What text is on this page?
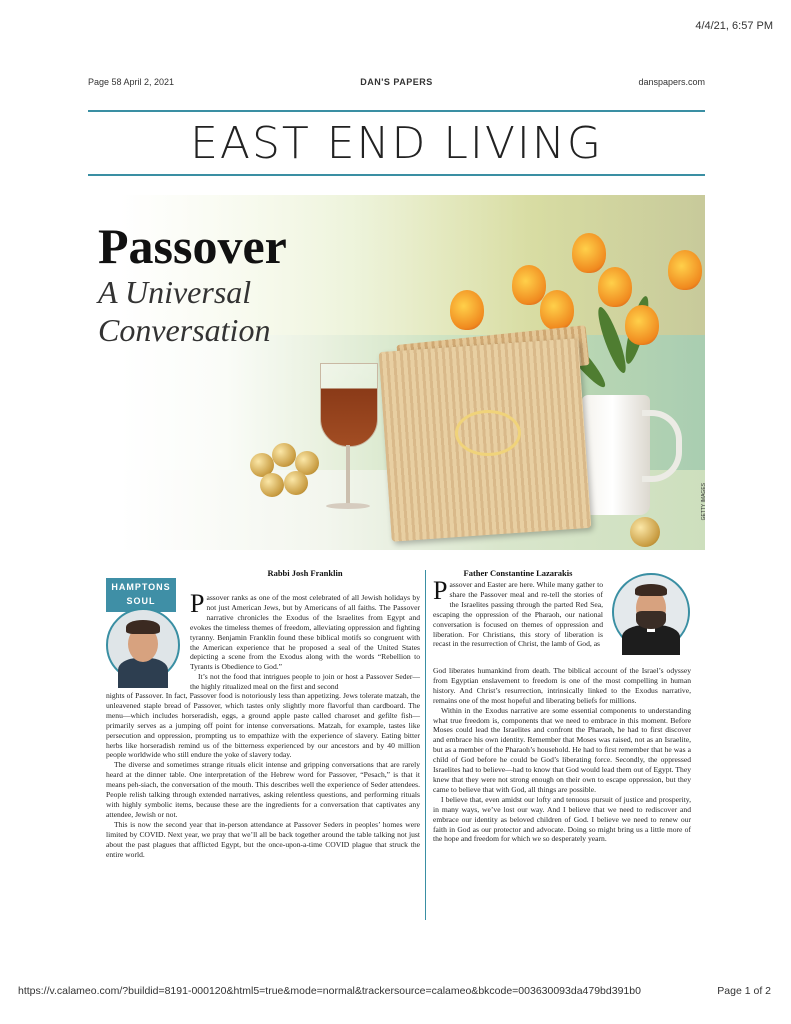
4/4/21, 6:57 PM
Page 58 April 2, 2021	DAN'S PAPERS	danspapers.com
EAST END LIVING
Passover
A Universal
Conversation
GETTY IMAGES
HAMPTONS
SOUL
Rabbi Josh Franklin

Passover ranks as one of the most celebrated of all Jewish holidays by not just American Jews, but by Americans of all faiths. The Passover narrative chronicles the Exodus of the Israelites from Egypt and evokes the timeless themes of freedom, alleviating oppression and fighting tyranny. Benjamin Franklin found these biblical motifs so congruent with the American experience that he proposed a seal of the United States depicting a scene from the Exodus along with the words “Rebellion to Tyrants is Obedience to God.”

It’s not the food that intrigues people to join or host a Passover Seder—the highly ritualized meal on the first and second

nights of Passover. In fact, Passover food is notoriously less than appetizing. Jews tolerate matzah, the unleavened staple bread of Passover, which tastes only slightly more flavorful than cardboard. The menu—which includes horseradish, eggs, a ground apple paste called charoset and gefilte fish—primarily serves as a jumping off point for intense conversations. Matzah, for example, tastes like persecution and oppression, prompting us to empathize with the experience of slavery. Eating bitter herbs like horseradish remind us of the bitterness experienced by our ancestors and by 40 million people worldwide who still endure the yoke of slavery today.

The diverse and sometimes strange rituals elicit intense and gripping conversations that are rarely heard at the dinner table. One interpretation of the Hebrew word for Passover, “Pesach,” is that it means peh-siach, the conversation of the mouth. This describes well the experience of Seder attendees. People relish talking through extended narratives, asking relentless questions, and performing rituals with highly symbolic items, because these are the ingredients for a conversation that captivates any attendee, Jewish or not.

This is now the second year that in-person attendance at Passover Seders in peoples’ homes were limited by COVID. Next year, we pray that we’ll all be back together around the table talking not just about the past plagues that afflicted Egypt, but the once-upon-a-time COVID plague that struck the entire world.

Father Constantine Lazarakis

Passover and Easter are here. While many gather to share the Passover meal and re-tell the stories of the Israelites passing through the parted Red Sea, escaping the oppression of the Pharaoh, our national conversation is focused on themes of oppression and liberation. For Christians, this story of liberation is recast in the resurrection of Christ, the lamb of God, as

God liberates humankind from death. The biblical account of the Israel’s odyssey from Egyptian enslavement to freedom is one of the most compelling in human history. And Christ’s resurrection, intrinsically linked to the Exodus narrative, remains one of the most hopeful and liberating beliefs for millions.

Within in the Exodus narrative are some essential components to understanding what true freedom is, components that we need to embrace in this moment. Before Moses could lead the Israelites and confront the Pharaoh, he had to first discover and embrace his own identity. Remember that Moses was raised, not as an Israelite, but as a member of the Pharaoh’s household. He had to first remember that he was a child of God before he could be God’s liberating force. Secondly, the oppressed Israelites had to believe—had to know that God would lead them out of Egypt. They knew that they were not strong enough on their own to escape oppression, but they came to believe that with God, all things are possible.

I believe that, even amidst our lofty and tenuous pursuit of justice and prosperity, in many ways, we’ve lost our way. And I believe that we need to rediscover and embrace our identity as beloved children of God. I believe we need to renew our faith in God as our protector and advocate. Doing so might bring us a little more of the hope and freedom for which we so desperately yearn.

https://v.calameo.com/?buildid=8191-000120&html5=true&mode=normal&trackersource=calameo&bkcode=003630093da479bd391b0	Page 1 of 2
